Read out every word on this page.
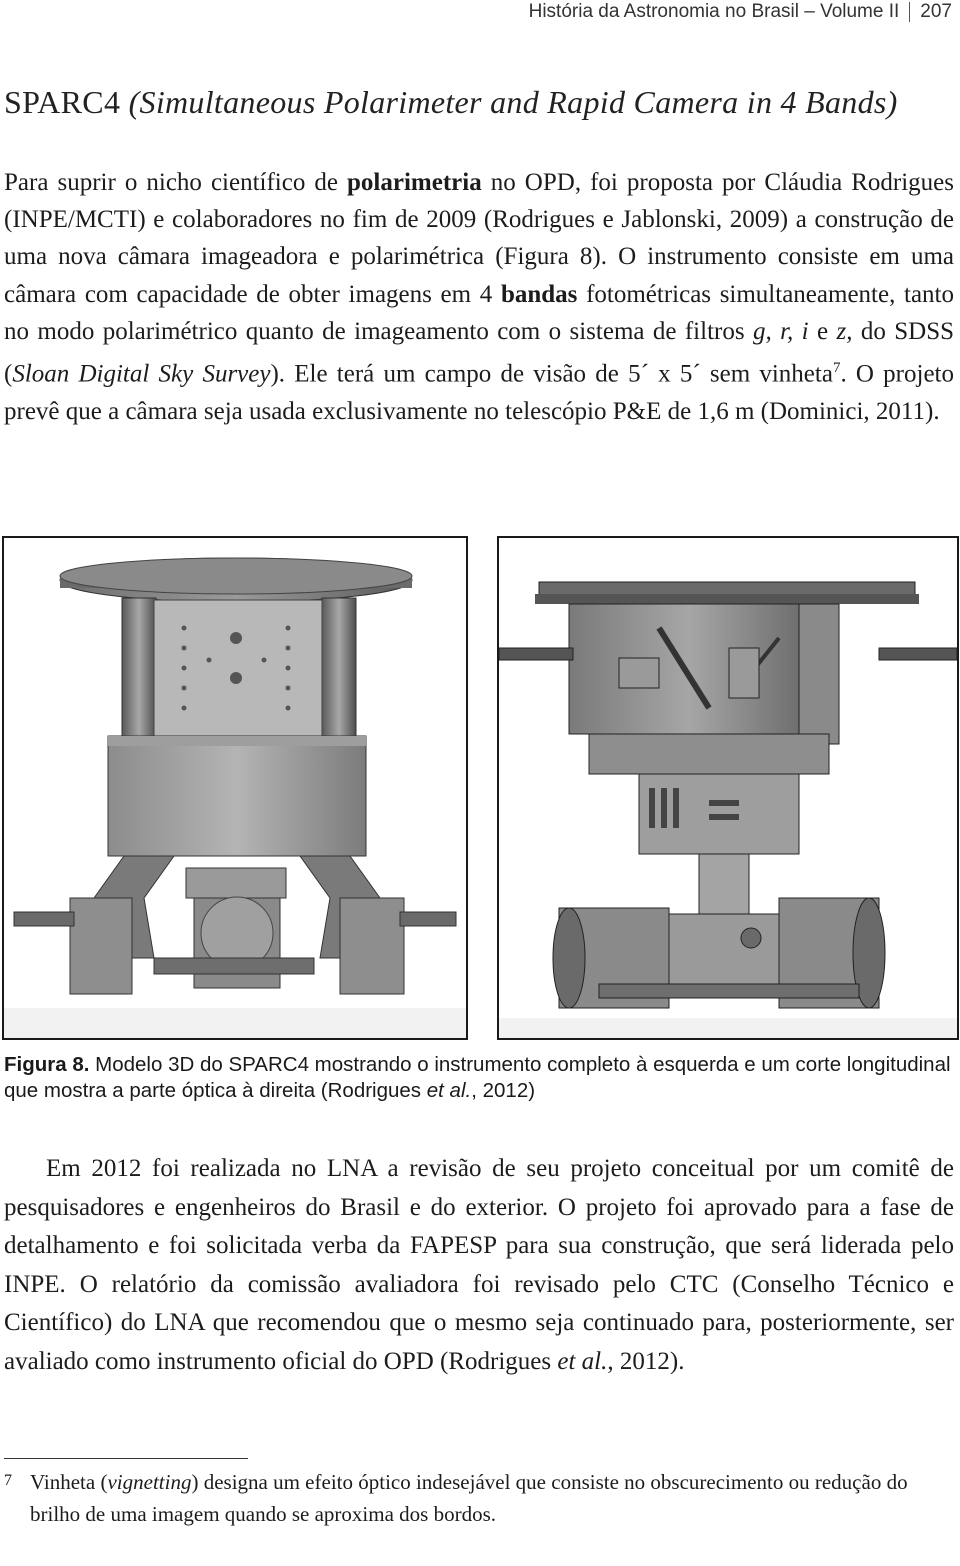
História da Astronomia no Brasil – Volume II 207
SPARC4 (Simultaneous Polarimeter and Rapid Camera in 4 Bands)

Para suprir o nicho científico de polarimetria no OPD, foi proposta por Cláudia Rodrigues (INPE/MCTI) e colaboradores no fim de 2009 (Rodrigues e Jablonski, 2009) a construção de uma nova câmara imageadora e polarimétrica (Figura 8). O instrumento consiste em uma câmara com capacidade de obter imagens em 4 bandas fotométricas simultaneamente, tanto no modo polarimétrico quanto de imageamento com o sistema de filtros g, r, i e z, do SDSS (Sloan Digital Sky Survey). Ele terá um campo de visão de 5´ x 5´ sem vinheta$^7$. O projeto prevê que a câmara seja usada exclusivamente no telescópio P&E de 1,6 m (Dominici, 2011).

Figura 8. Modelo 3D do SPARC4 mostrando o instrumento completo à esquerda e um corte longitudinal que mostra a parte óptica à direita (Rodrigues et al., 2012)

Em 2012 foi realizada no LNA a revisão de seu projeto conceitual por um comitê de pesquisadores e engenheiros do Brasil e do exterior. O projeto foi aprovado para a fase de detalhamento e foi solicitada verba da FAPESP para sua construção, que será liderada pelo INPE. O relatório da comissão avaliadora foi revisado pelo CTC (Conselho Técnico e Científico) do LNA que recomendou que o mesmo seja continuado para, posteriormente, ser avaliado como instrumento oficial do OPD (Rodrigues et al., 2012).

7 Vinheta (vignetting) designa um efeito óptico indesejável que consiste no obscurecimento ou redução do brilho de uma imagem quando se aproxima dos bordos.
